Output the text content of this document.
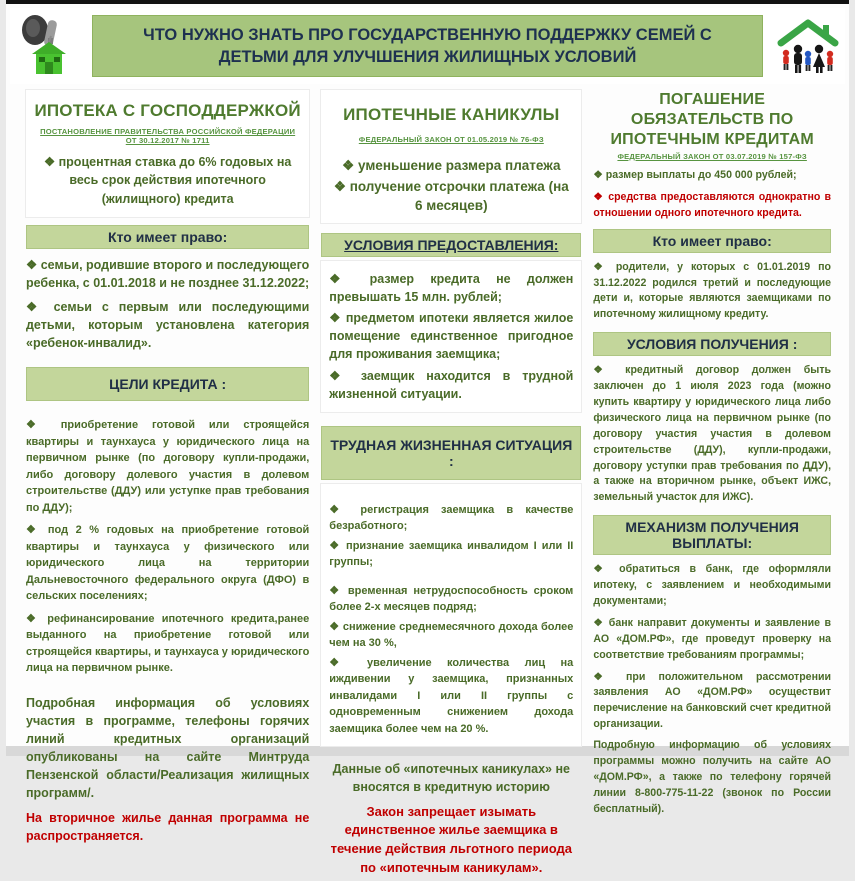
ЧТО НУЖНО ЗНАТЬ ПРО ГОСУДАРСТВЕННУЮ ПОДДЕРЖКУ СЕМЕЙ С ДЕТЬМИ ДЛЯ УЛУЧШЕНИЯ ЖИЛИЩНЫХ УСЛОВИЙ
ИПОТЕКА С ГОСПОДДЕРЖКОЙ
ПОСТАНОВЛЕНИЕ ПРАВИТЕЛЬСТВА РОССИЙСКОЙ ФЕДЕРАЦИИ ОТ 30.12.2017 № 1711
❖ процентная ставка до 6% годовых на весь срок действия ипотечного (жилищного) кредита
Кто имеет право:
❖ семьи, родившие второго и последующего ребенка, с 01.01.2018 и не позднее 31.12.2022;
❖ семьи с первым или последующими детьми, которым установлена категория «ребенок-инвалид».
ЦЕЛИ КРЕДИТА :
❖ приобретение готовой или строящейся квартиры и таунхауса у юридического лица на первичном рынке (по договору купли-продажи, либо договору долевого участия в долевом строительстве (ДДУ) или уступке прав требования по ДДУ);
❖ под 2 % годовых на приобретение готовой квартиры и таунхауса у физического или юридического лица на территории Дальневосточного федерального округа (ДФО) в сельских поселениях;
❖ рефинансирование ипотечного кредита,ранее выданного на приобретение готовой или строящейся квартиры, и таунхауса у юридического лица на первичном рынке.
Подробная информация об условиях участия в программе, телефоны горячих линий кредитных организаций опубликованы на сайте Минтруда Пензенской области/Реализация жилищных программ/.
На вторичное жилье данная программа не распространяется.
ИПОТЕЧНЫЕ КАНИКУЛЫ
ФЕДЕРАЛЬНЫЙ ЗАКОН ОТ 01.05.2019 № 76-ФЗ
❖ уменьшение размера платежа
❖ получение отсрочки платежа (на 6 месяцев)
УСЛОВИЯ ПРЕДОСТАВЛЕНИЯ:
❖ размер кредита не должен превышать 15 млн. рублей;
❖ предметом ипотеки является жилое помещение единственное пригодное для проживания заемщика;
❖ заемщик находится в трудной жизненной ситуации.
ТРУДНАЯ ЖИЗНЕННАЯ СИТУАЦИЯ :
❖ регистрация заемщика в качестве безработного;
❖ признание заемщика инвалидом I или II группы;
❖ временная нетрудоспособность сроком более 2-х месяцев подряд;
❖ снижение среднемесячного дохода более чем на 30 %,
❖ увеличение количества лиц на иждивении у заемщика, признанных инвалидами I или II группы с одновременным снижением дохода заемщика более чем на 20 %.
Данные об «ипотечных каникулах» не вносятся в кредитную историю
Закон запрещает изымать единственное жилье заемщика в течение действия льготного периода по «ипотечным каникулам».
ПОГАШЕНИЕ ОБЯЗАТЕЛЬСТВ ПО ИПОТЕЧНЫМ КРЕДИТАМ
ФЕДЕРАЛЬНЫЙ ЗАКОН ОТ 03.07.2019 № 157-ФЗ
❖ размер выплаты до 450 000 рублей;
❖ средства предоставляются однократно в отношении одного ипотечного кредита.
Кто имеет право:
❖ родители, у которых с 01.01.2019 по 31.12.2022 родился третий и последующие дети и, которые являются заемщиками по ипотечному жилищному кредиту.
УСЛОВИЯ ПОЛУЧЕНИЯ :
❖ кредитный договор должен быть заключен до 1 июля 2023 года (можно купить квартиру у юридического лица либо физического лица на первичном рынке (по договору участия участия в долевом строительстве (ДДУ), купли-продажи, договору уступки прав требования по ДДУ), а также на вторичном рынке, объект ИЖС, земельный участок для ИЖС).
МЕХАНИЗМ ПОЛУЧЕНИЯ ВЫПЛАТЫ:
❖ обратиться в банк, где оформляли ипотеку, с заявлением и необходимыми документами;
❖ банк направит документы и заявление в АО «ДОМ.РФ», где проведут проверку на соответствие требованиям программы;
❖ при положительном рассмотрении заявления АО «ДОМ.РФ» осуществит перечисление на банковский счет кредитной организации.
Подробную информацию об условиях программы можно получить на сайте АО «ДОМ.РФ», а также по телефону горячей линии 8-800-775-11-22 (звонок по России бесплатный).
